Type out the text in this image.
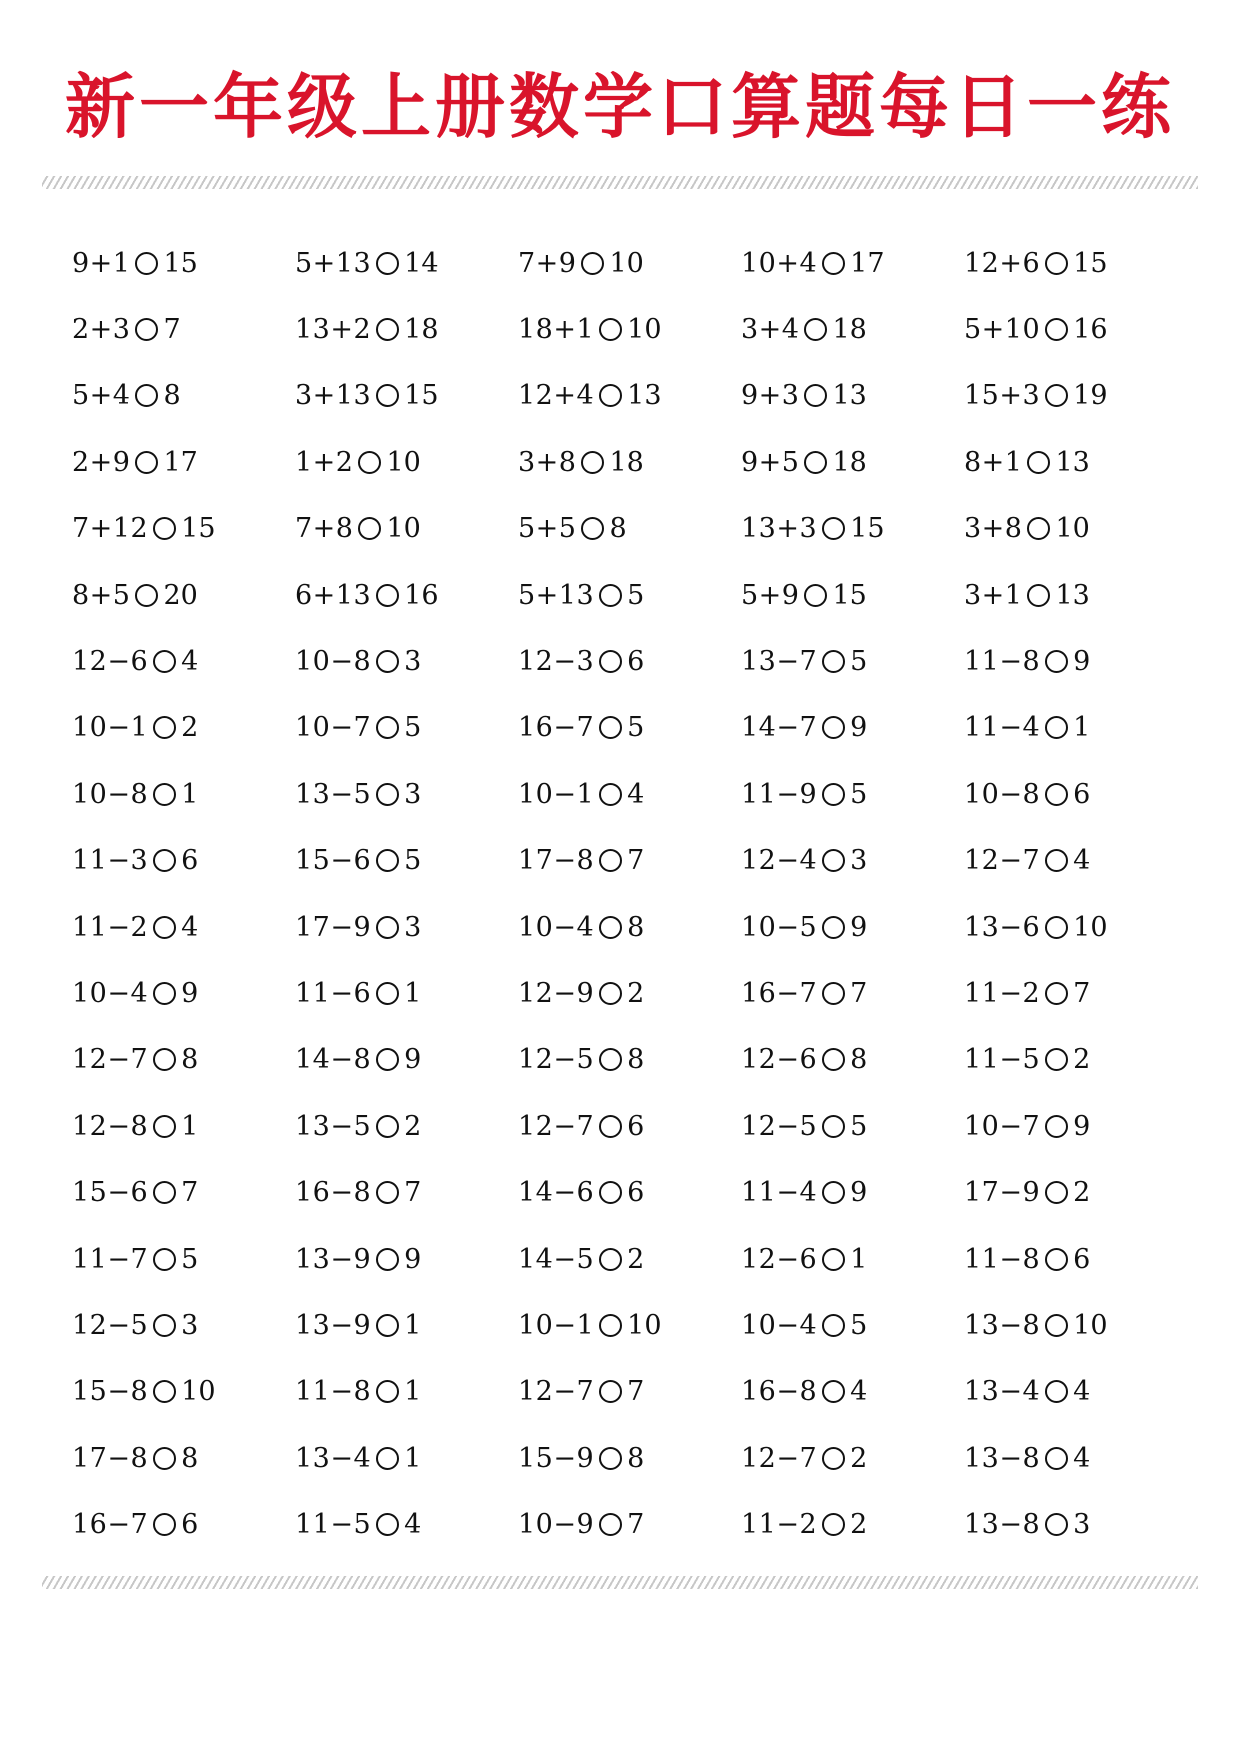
新一年级上册数学口算题每日一练
9+1 15	5+13 14	7+9 10	10+4 17	12+6 15
2+3 7	13+2 18	18+1 10	3+4 18	5+10 16
5+4 8	3+13 15	12+4 13	9+3 13	15+3 19
2+9 17	1+2 10	3+8 18	9+5 18	8+1 13
7+12 15	7+8 10	5+5 8	13+3 15	3+8 10
8+5 20	6+13 16	5+13 5	5+9 15	3+1 13
12−6 4	10−8 3	12−3 6	13−7 5	11−8 9
10−1 2	10−7 5	16−7 5	14−7 9	11−4 1
10−8 1	13−5 3	10−1 4	11−9 5	10−8 6
11−3 6	15−6 5	17−8 7	12−4 3	12−7 4
11−2 4	17−9 3	10−4 8	10−5 9	13−6 10
10−4 9	11−6 1	12−9 2	16−7 7	11−2 7
12−7 8	14−8 9	12−5 8	12−6 8	11−5 2
12−8 1	13−5 2	12−7 6	12−5 5	10−7 9
15−6 7	16−8 7	14−6 6	11−4 9	17−9 2
11−7 5	13−9 9	14−5 2	12−6 1	11−8 6
12−5 3	13−9 1	10−1 10	10−4 5	13−8 10
15−8 10	11−8 1	12−7 7	16−8 4	13−4 4
17−8 8	13−4 1	15−9 8	12−7 2	13−8 4
16−7 6	11−5 4	10−9 7	11−2 2	13−8 3
